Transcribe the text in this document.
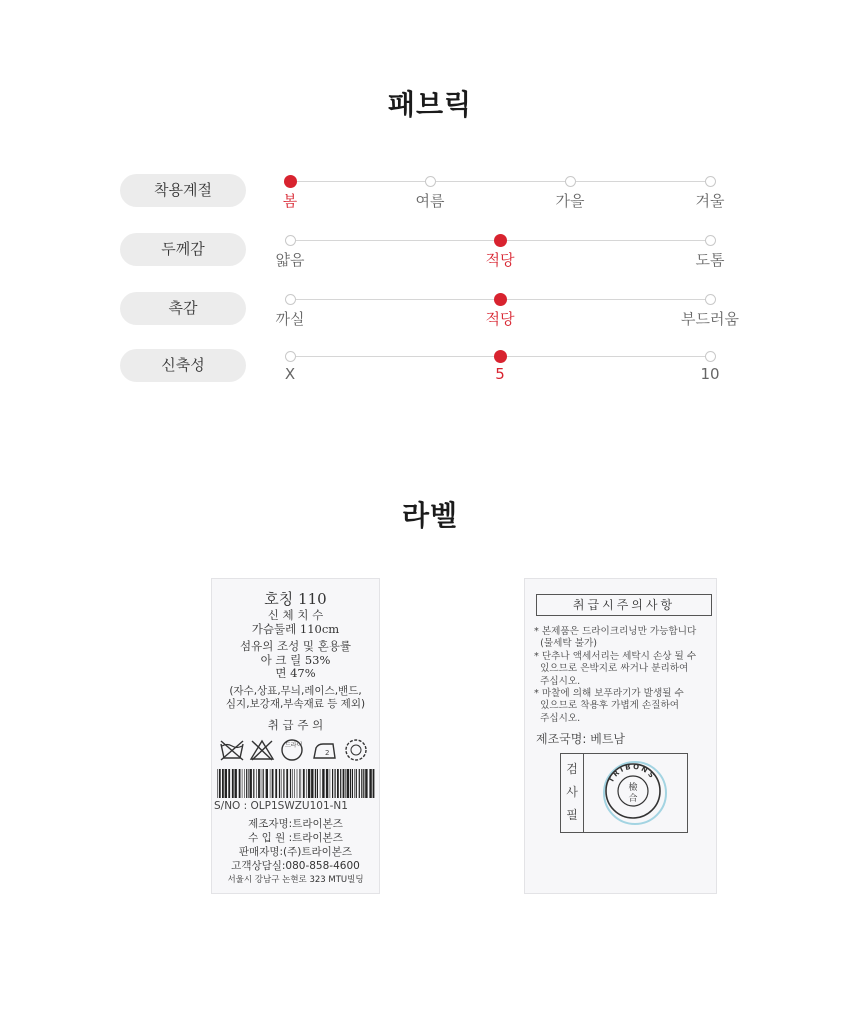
패브릭
착용계절
봄	여름	가을	겨울
두께감
얇음	적당	도톰
촉감
까실	적당	부드러움
신축성	X	5	10
라벨
호칭 110
신 체 치 수
가슴둘레 110cm
섬유의 조성 및 혼용률
아 크 릴 53%
면 47%
(자수,상표,무늬,레이스,밴드,
심지,보강재,부속재료 등 제외)
취 급 주 의
드라이
2
S/NO : OLP1SWZU101-N1
제조자명:트라이본즈
수 입 원 :트라이본즈
판매자명:(주)트라이본즈
고객상담실:080-858-4600
서울시 강남구 논현로 323 MTU빌딩
취급시주의사항
* 본제품은 드라이크리닝만 가능합니다
(물세탁 불가)
* 단추나 액세서리는 세탁시 손상 될 수
있으므로 은박지로 싸거나 분리하여
주십시오.
* 마찰에 의해 보푸라기가 발생될 수
있으므로 착용후 가볍게 손질하여
주십시오.
제조국명: 베트남
검
사
필
TRIBONS
檢
合
